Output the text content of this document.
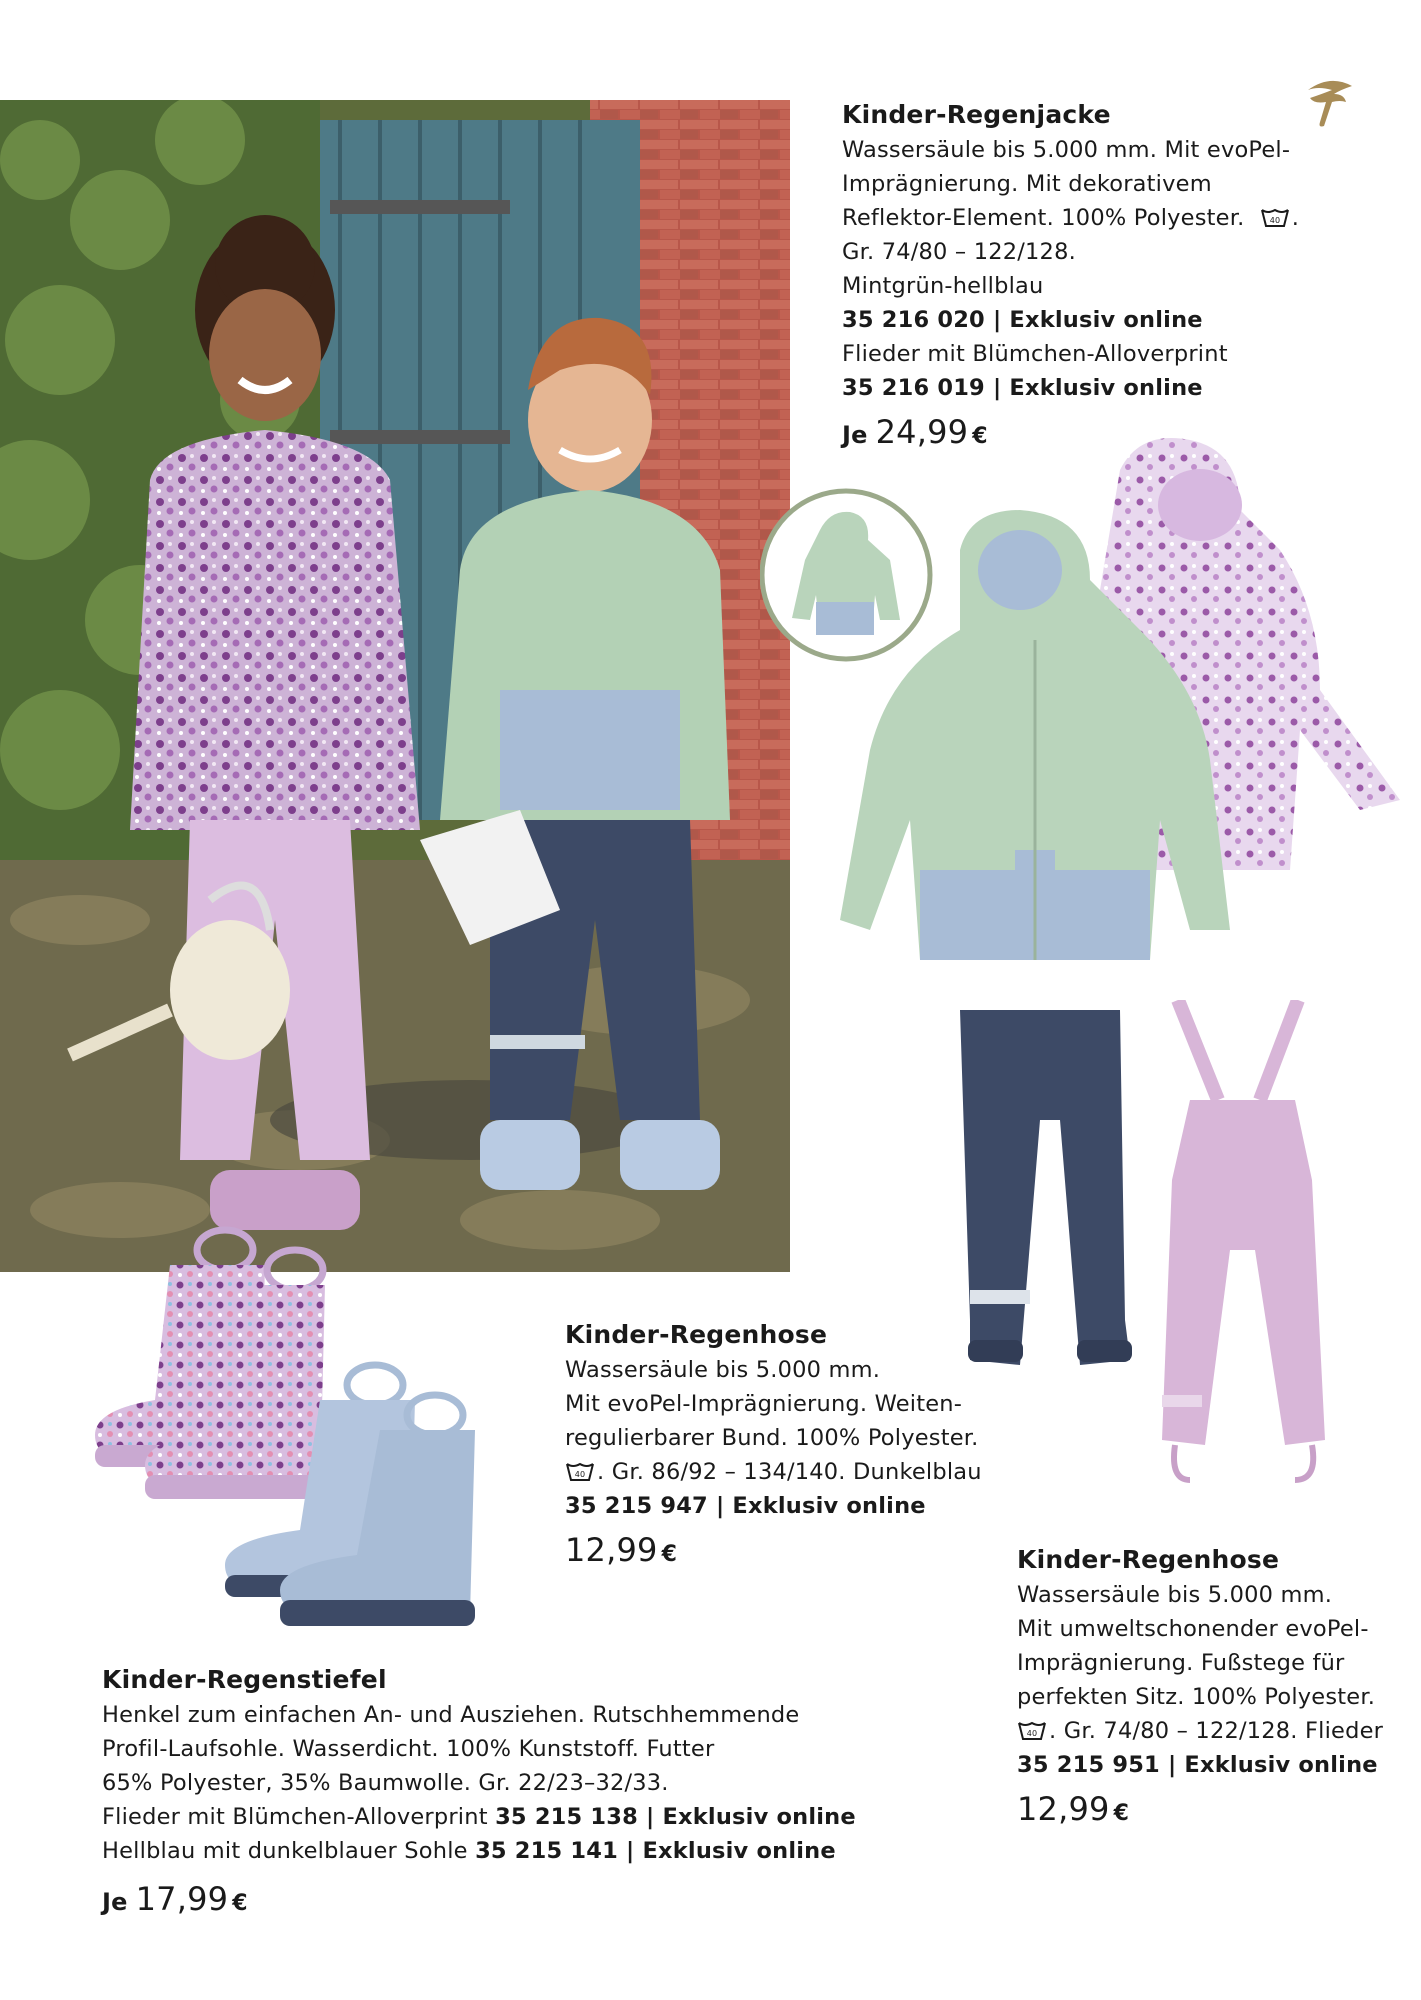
Kinder-Regenjacke
Wassersäule bis 5.000 mm. Mit evoPel-
Imprägnierung. Mit dekorativem
Reflektor-Element. 100% Polyester.	40 .
Gr. 74/80 – 122/128.
Mintgrün-hellblau
35 216 020 | Exklusiv online
Flieder mit Blümchen-Alloverprint
35 216 019 | Exklusiv online
Je 24,99 €
Kinder-Regenhose
Wassersäule bis 5.000 mm.
Mit evoPel-Imprägnierung. Weiten-
regulierbarer Bund. 100% Polyester.
40 . Gr. 86/92 – 134/140. Dunkelblau
35 215 947 | Exklusiv online
12,99 €	Kinder-Regenhose
Wassersäule bis 5.000 mm.
Mit umweltschonender evoPel-
Imprägnierung. Fußstege für
perfekten Sitz. 100% Polyester.
40 . Gr. 74/80 – 122/128. Flieder
35 215 951 | Exklusiv online
12,99 €
Kinder-Regenstiefel
Henkel zum einfachen An- und Ausziehen. Rutschhemmende
Profil-Laufsohle. Wasserdicht. 100% Kunststoff. Futter
65% Polyester, 35% Baumwolle. Gr. 22/23–32/33.
Flieder mit Blümchen-Alloverprint 35 215 138 | Exklusiv online
Hellblau mit dunkelblauer Sohle 35 215 141 | Exklusiv online
Je 17,99 €
